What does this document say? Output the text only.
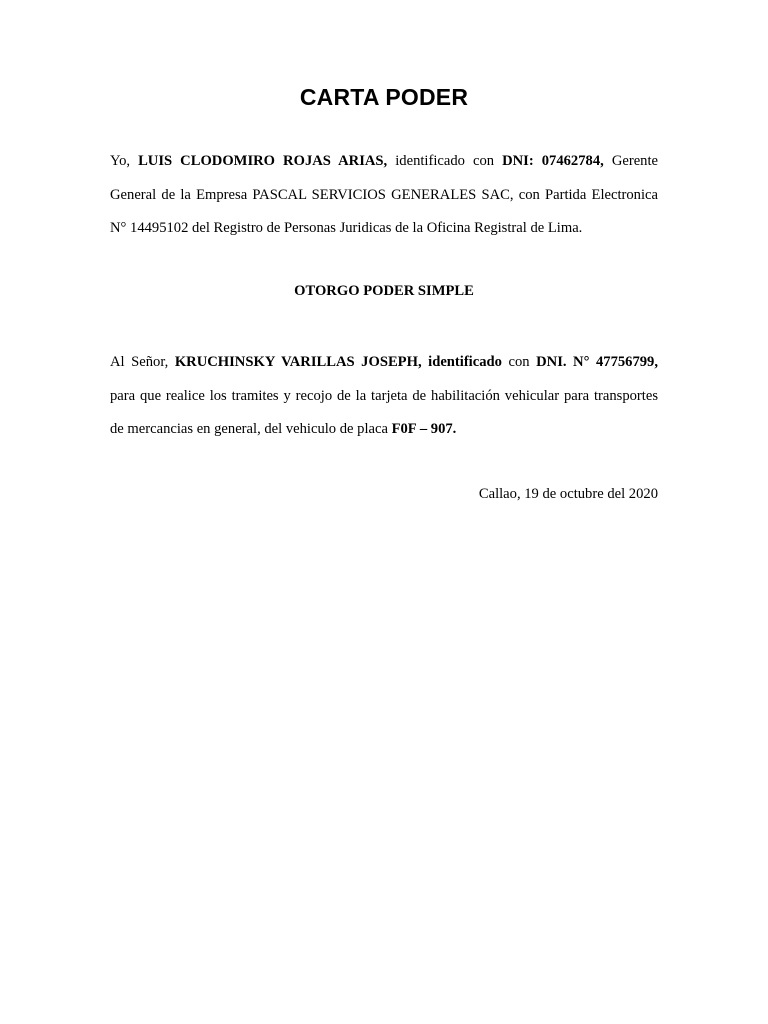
CARTA PODER

Yo, LUIS CLODOMIRO ROJAS ARIAS, identificado con DNI: 07462784, Gerente General de la Empresa PASCAL SERVICIOS GENERALES SAC, con Partida Electronica N° 14495102 del Registro de Personas Juridicas de la Oficina Registral de Lima.

OTORGO PODER SIMPLE

Al Señor, KRUCHINSKY VARILLAS JOSEPH, identificado con DNI. N° 47756799, para que realice los tramites y recojo de la tarjeta de habilitación vehicular para transportes de mercancias en general, del vehiculo de placa F0F – 907.

Callao, 19 de octubre del 2020
